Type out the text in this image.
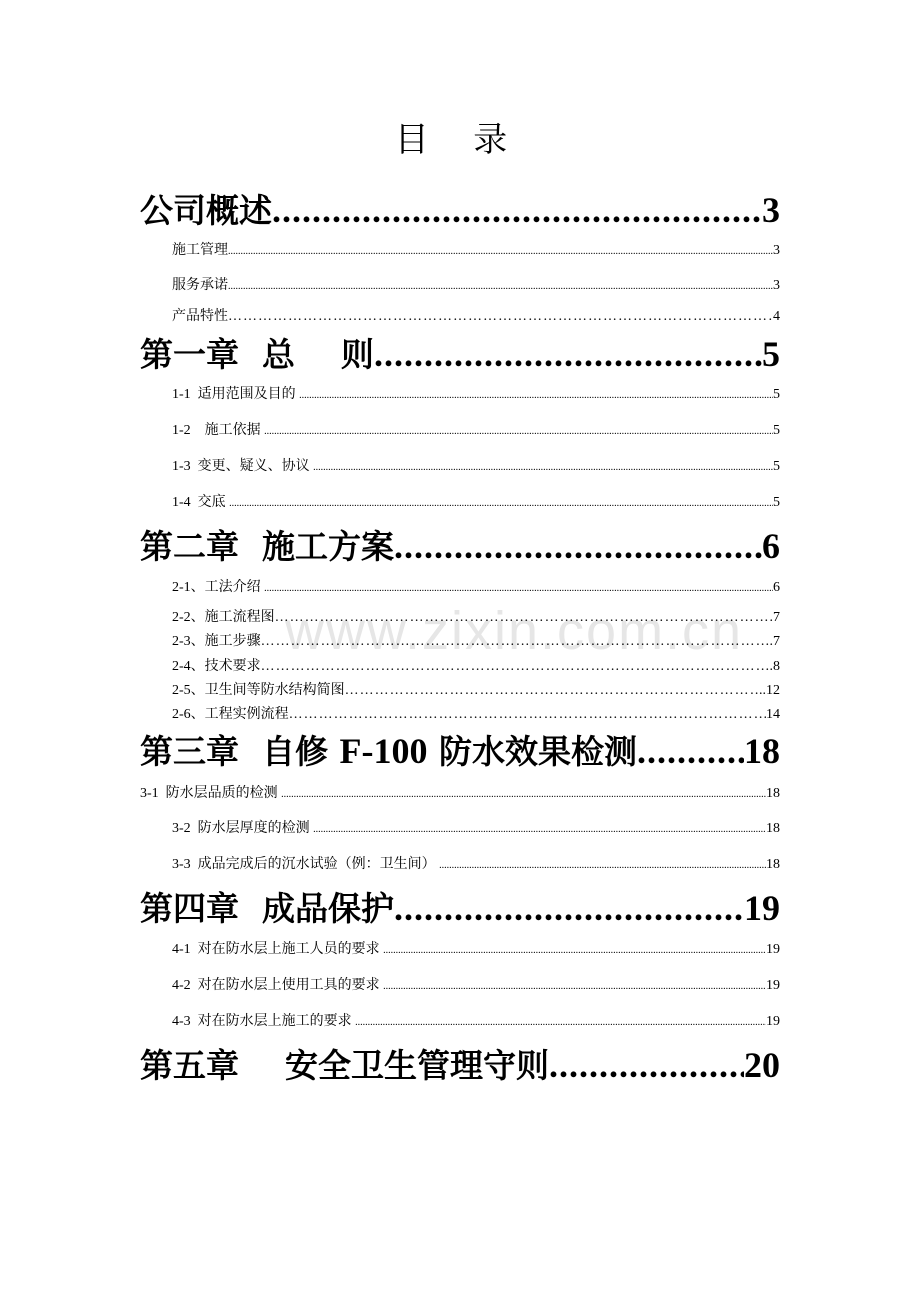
www.zixin.com.cn
目 录
公司概述 .....	3
施工管理 .....	3
服务承诺 .....	3
产品特性 …………………………………………………………………………………………………………………………………………………………………………………………	4
第一章  总    则 .....	5
1-1  适用范围及目的 .....	5
1-2    施工依据 .....	5
1-3  变更、疑义、协议 .....	5
1-4  交底 .....	5
第二章  施工方案 .....	6
2-1、工法介绍 .....	6
2-2、施工流程图 …………………………………………………………………………………………………………………………………………………………………………………………	.7
2-3、施工步骤 …………………………………………………………………………………………………………………………………………………………………………………………	.7
2-4、技术要求 …………………………………………………………………………………………………………………………………………………………………………………………	.8
2-5、卫生间等防水结构简图 …………………………………………………………………………………………………………………………………………………………………………………………	..12
2-6、工程实例流程 …………………………………………………………………………………………………………………………………………………………………………………………	14
第三章  自修 F-100 防水效果检测 .....	18
3-1  防水层品质的检测 .....	18
3-2  防水层厚度的检测 .....	18
3-3  成品完成后的沉水试验（例：卫生间） .....	18
第四章  成品保护 .....	19
4-1  对在防水层上施工人员的要求 .....	19
4-2  对在防水层上使用工具的要求 .....	19
4-3  对在防水层上施工的要求 .....	19
第五章    安全卫生管理守则 .....	20
